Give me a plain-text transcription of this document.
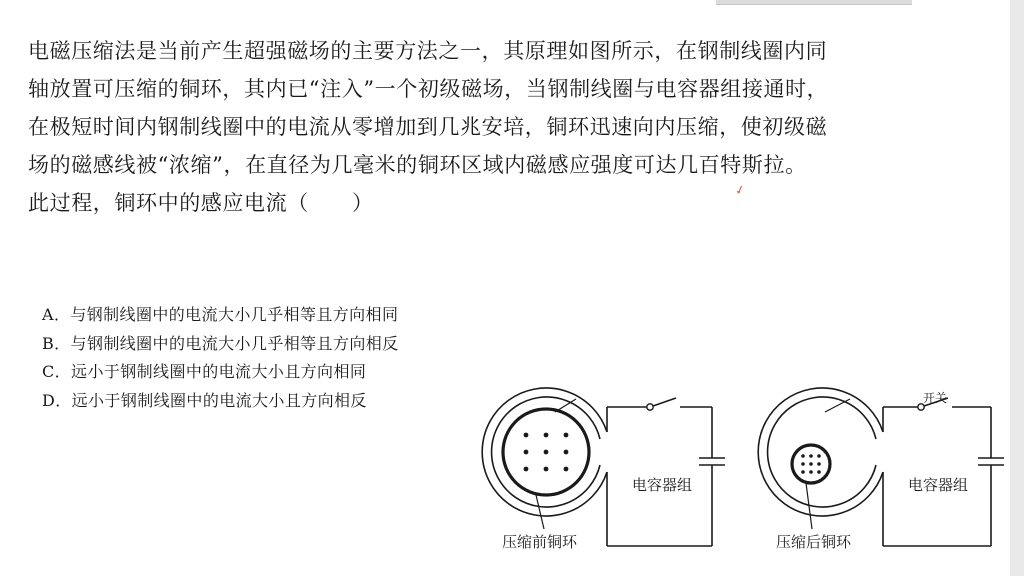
电磁压缩法是当前产生超强磁场的主要方法之一，其原理如图所示，在钢制线圈内同

轴放置可压缩的铜环，其内已“注入”一个初级磁场，当钢制线圈与电容器组接通时，

在极短时间内钢制线圈中的电流从零增加到几兆安培，铜环迅速向内压缩，使初级磁

场的磁感线被“浓缩”，在直径为几毫米的铜环区域内磁感应强度可达几百特斯拉。

此过程，铜环中的感应电流（　　）

✓
A．与钢制线圈中的电流大小几乎相等且方向相同
B．与钢制线圈中的电流大小几乎相等且方向相反
C．远小于钢制线圈中的电流大小且方向相同
D．远小于钢制线圈中的电流大小且方向相反
电容器组
压缩前铜环
开关
电容器组
压缩后铜环
